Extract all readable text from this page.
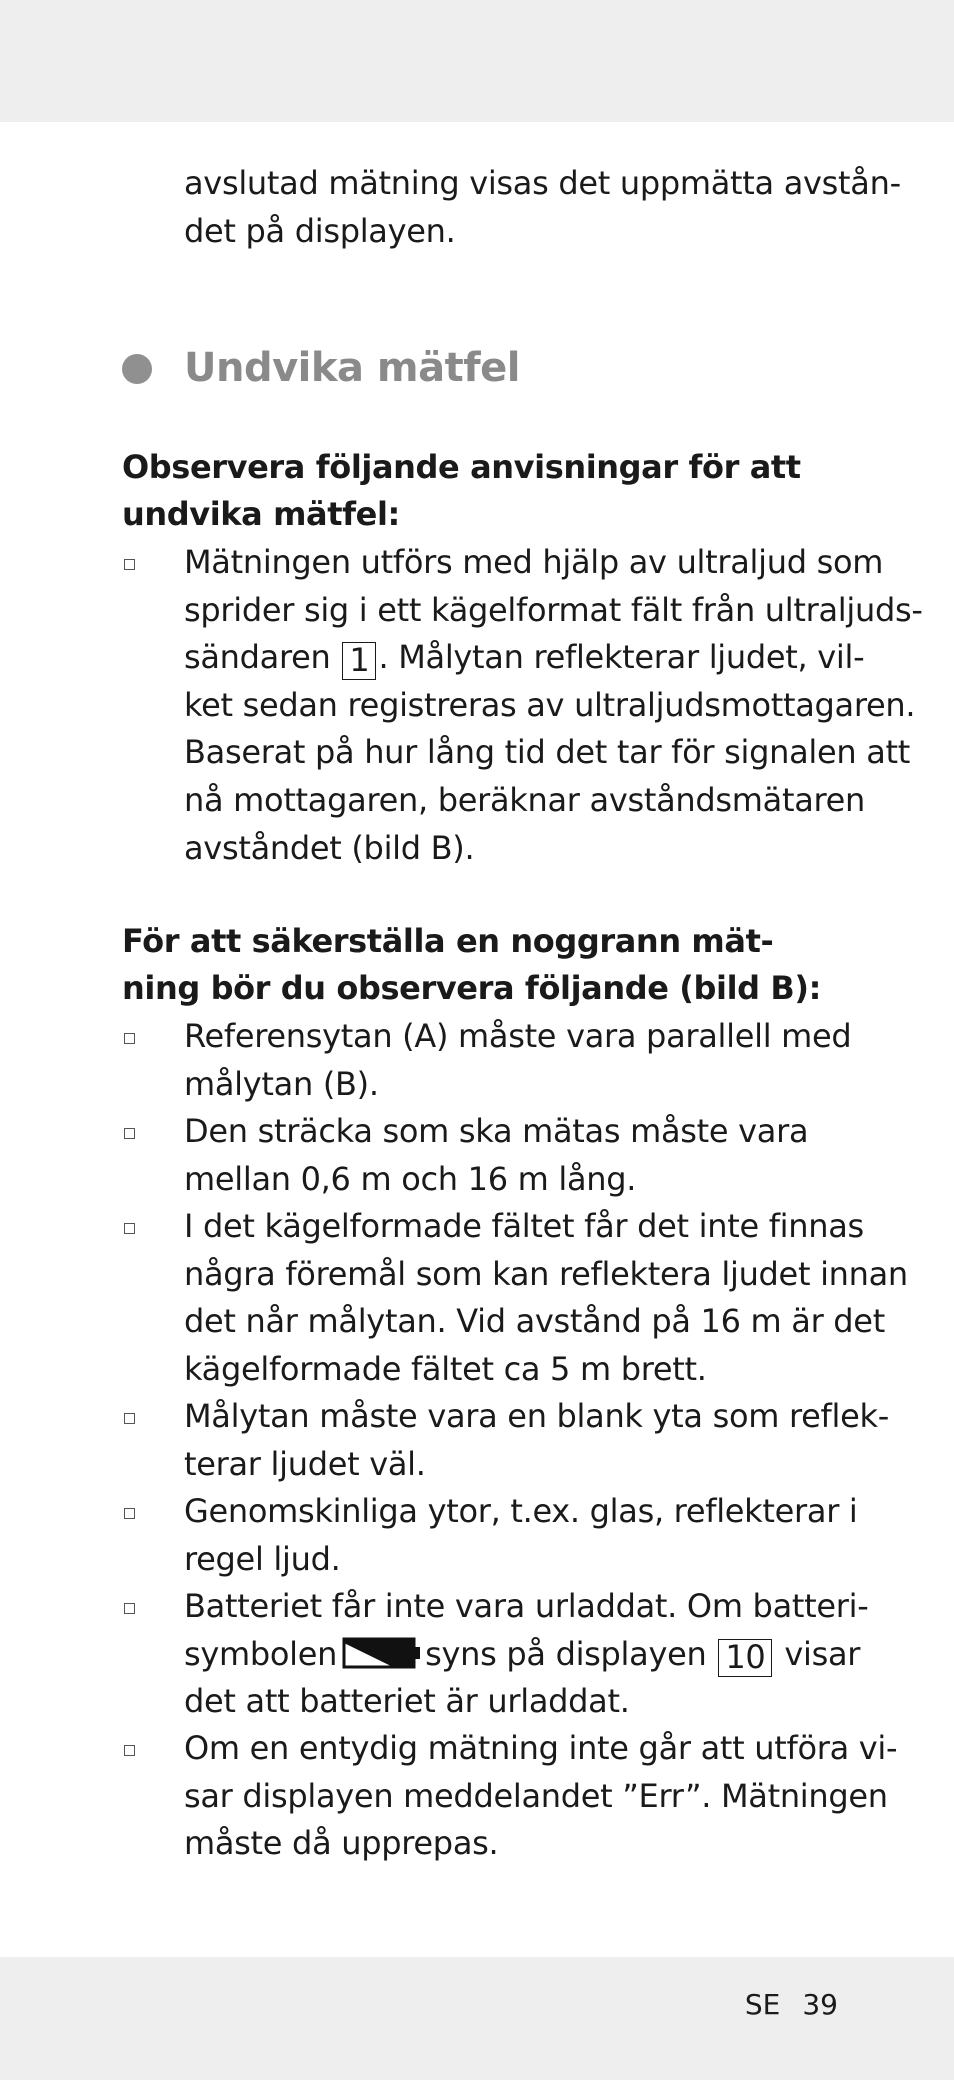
avslutad mätning visas det uppmätta avstån-
det på displayen.
Undvika mätfel
Observera följande anvisningar för att
undvika mätfel:
Mätningen utförs med hjälp av ultraljud som
sprider sig i ett kägelformat fält från ultraljuds-
sändaren 1 . Målytan reflekterar ljudet, vil-
ket sedan registreras av ultraljudsmottagaren.
Baserat på hur lång tid det tar för signalen att
nå mottagaren, beräknar avståndsmätaren
avståndet (bild B).
För att säkerställa en noggrann mät-
ning bör du observera följande (bild B):
Referensytan (A) måste vara parallell med
målytan (B).
Den sträcka som ska mätas måste vara
mellan 0,6 m och 16 m lång.
I det kägelformade fältet får det inte finnas
några föremål som kan reflektera ljudet innan
det når målytan. Vid avstånd på 16 m är det
kägelformade fältet ca 5 m brett.
Målytan måste vara en blank yta som reflek-
terar ljudet väl.
Genomskinliga ytor, t.ex. glas, reflekterar i
regel ljud.
Batteriet får inte vara urladdat. Om batteri-
symbolen	syns på displayen 10 visar
det att batteriet är urladdat.
Om en entydig mätning inte går att utföra vi-
sar displayen meddelandet ”Err”. Mätningen
måste då upprepas.
SE 39
